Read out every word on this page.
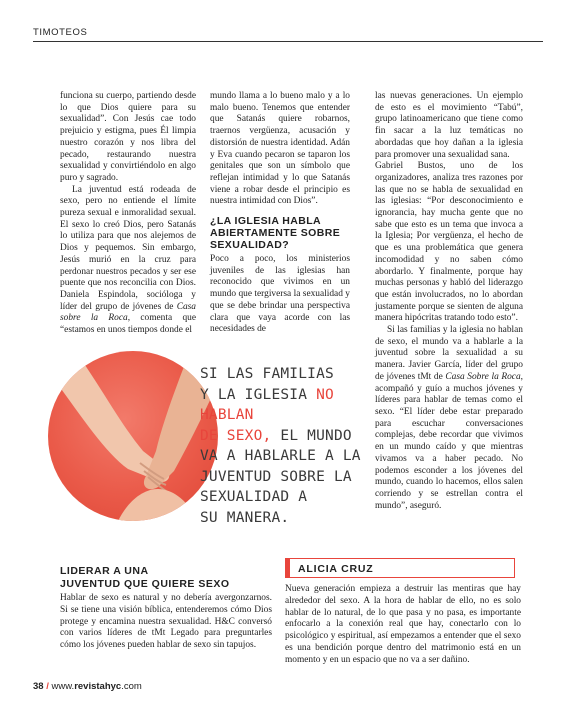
TIMOTEOS

funciona su cuerpo, partiendo desde lo que Dios quiere para su sexualidad”. Con Jesús cae todo prejuicio y estigma, pues Él limpia nuestro corazón y nos libra del pecado, restaurando nuestra sexualidad y convirtiéndolo en algo puro y sagrado.

La juventud está rodeada de sexo, pero no entiende el límite pureza sexual e inmoralidad sexual. El sexo lo creó Dios, pero Satanás lo utiliza para que nos alejemos de Dios y pequemos. Sin embargo, Jesús murió en la cruz para perdonar nuestros pecados y ser ese puente que nos reconcilia con Dios. Daniela Espindola, socióloga y líder del grupo de jóvenes de Casa sobre la Roca, comenta que “estamos en unos tiempos donde el

mundo llama a lo bueno malo y a lo malo bueno. Tenemos que entender que Satanás quiere robarnos, traernos vergüenza, acusación y distorsión de nuestra identidad. Adán y Eva cuando pecaron se taparon los genitales que son un símbolo que reflejan intimidad y lo que Satanás viene a robar desde el principio es nuestra intimidad con Dios”.

¿LA IGLESIA HABLA ABIERTAMENTE SOBRE SEXUALIDAD?

Poco a poco, los ministerios juveniles de las iglesias han reconocido que vivimos en un mundo que tergiversa la sexualidad y que se debe brindar una perspectiva clara que vaya acorde con las necesidades de

las nuevas generaciones. Un ejemplo de esto es el movimiento “Tabú”, grupo latinoamericano que tiene como fin sacar a la luz temáticas no abordadas que hoy dañan a la iglesia para promover una sexualidad sana.

Gabriel Bustos, uno de los organizadores, analiza tres razones por las que no se habla de sexualidad en las iglesias: “Por desconocimiento e ignorancia, hay mucha gente que no sabe que esto es un tema que invoca a la Iglesia; Por vergüenza, el hecho de que es una problemática que genera incomodidad y no saben cómo abordarlo. Y finalmente, porque hay muchas personas y habló del liderazgo que están involucrados, no lo abordan justamente porque se sienten de alguna manera hipócritas tratando todo esto”.

Si las familias y la iglesia no hablan de sexo, el mundo va a hablarle a la juventud sobre la sexualidad a su manera. Javier García, líder del grupo de jóvenes tMt de Casa Sobre la Roca, acompañó y guío a muchos jóvenes y líderes para hablar de temas como el sexo. “El líder debe estar preparado para escuchar conversaciones complejas, debe recordar que vivimos en un mundo caído y que mientras vivamos va a haber pecado. No podemos esconder a los jóvenes del mundo, cuando lo hacemos, ellos salen corriendo y se estrellan contra el mundo”, aseguró.

SI LAS FAMILIAS
Y LA IGLESIA NO HABLAN
DE SEXO, EL MUNDO
VA A HABLARLE A LA
JUVENTUD SOBRE LA
SEXUALIDAD A
SU MANERA.
LIDERAR A UNA
JUVENTUD QUE QUIERE SEXO
Hablar de sexo es natural y no debería avergonzarnos. Si se tiene una visión bíblica, entenderemos cómo Dios protege y encamina nuestra sexualidad. H&C conversó con varios líderes de tMt Legado para preguntarles cómo los jóvenes pueden hablar de sexo sin tapujos.
ALICIA CRUZ
Nueva generación empieza a destruir las mentiras que hay alrededor del sexo. A la hora de hablar de ello, no es solo hablar de lo natural, de lo que pasa y no pasa, es importante enfocarlo a la conexión real que hay, conectarlo con lo psicológico y espiritual, así empezamos a entender que el sexo es una bendición porque dentro del matrimonio está en un momento y en un espacio que no va a ser dañino.
38 / www.revistahyc.com
